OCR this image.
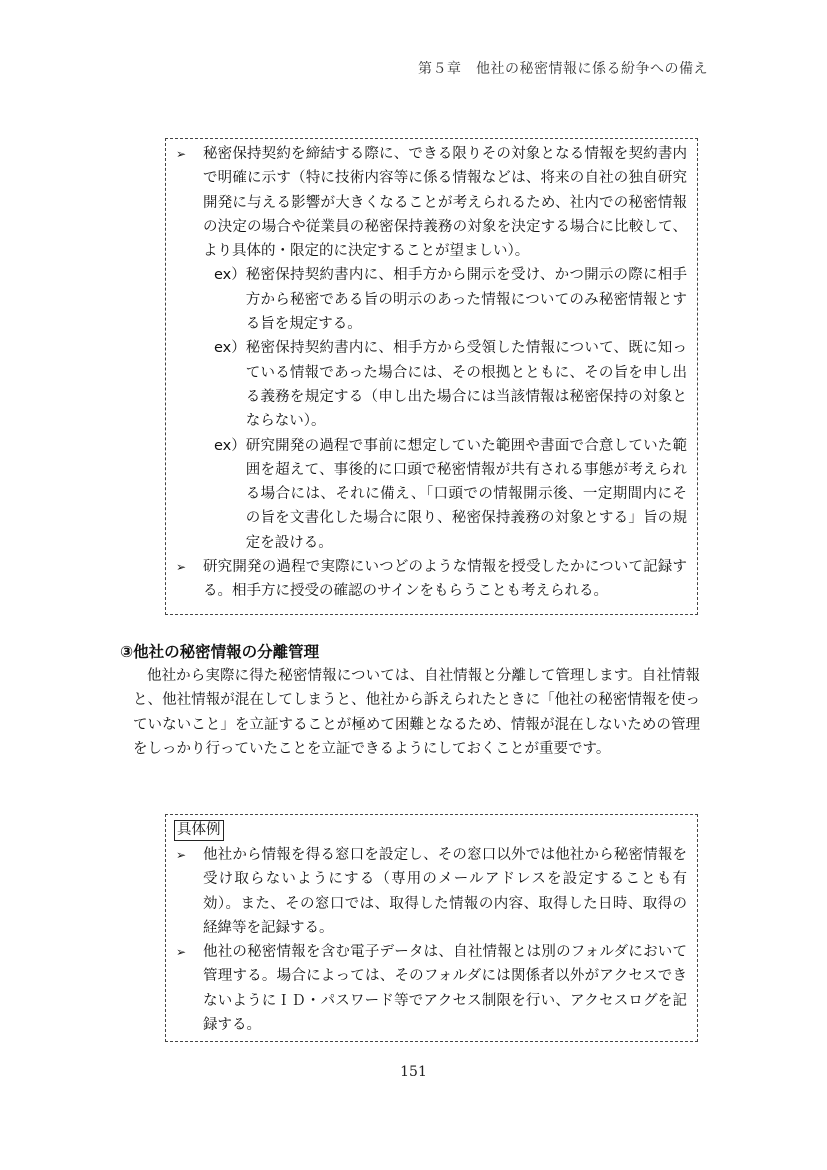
第５章　他社の秘密情報に係る紛争への備え
➢	秘密保持契約を締結する際に、できる限りその対象となる情報を契約書内で明確に示す（特に技術内容等に係る情報などは、将来の自社の独自研究開発に与える影響が大きくなることが考えられるため、社内での秘密情報の決定の場合や従業員の秘密保持義務の対象を決定する場合に比較して、より具体的・限定的に決定することが望ましい）。
ex） 秘密保持契約書内に、相手方から開示を受け、かつ開示の際に相手方から秘密である旨の明示のあった情報についてのみ秘密情報とする旨を規定する。
ex） 秘密保持契約書内に、相手方から受領した情報について、既に知っている情報であった場合には、その根拠とともに、その旨を申し出る義務を規定する（申し出た場合には当該情報は秘密保持の対象とならない）。
ex） 研究開発の過程で事前に想定していた範囲や書面で合意していた範囲を超えて、事後的に口頭で秘密情報が共有される事態が考えられる場合には、それに備え、「口頭での情報開示後、一定期間内にその旨を文書化した場合に限り、秘密保持義務の対象とする」旨の規定を設ける。
➢	研究開発の過程で実際にいつどのような情報を授受したかについて記録する。相手方に授受の確認のサインをもらうことも考えられる。
③他社の秘密情報の分離管理
他社から実際に得た秘密情報については、自社情報と分離して管理します。自社情報と、他社情報が混在してしまうと、他社から訴えられたときに「他社の秘密情報を使っていないこと」を立証することが極めて困難となるため、情報が混在しないための管理をしっかり行っていたことを立証できるようにしておくことが重要です。
具体例
➢	他社から情報を得る窓口を設定し、その窓口以外では他社から秘密情報を受け取らないようにする（専用のメールアドレスを設定することも有効）。また、その窓口では、取得した情報の内容、取得した日時、取得の経緯等を記録する。
➢	他社の秘密情報を含む電子データは、自社情報とは別のフォルダにおいて管理する。場合によっては、そのフォルダには関係者以外がアクセスできないようにＩＤ・パスワード等でアクセス制限を行い、アクセスログを記録する。
151
